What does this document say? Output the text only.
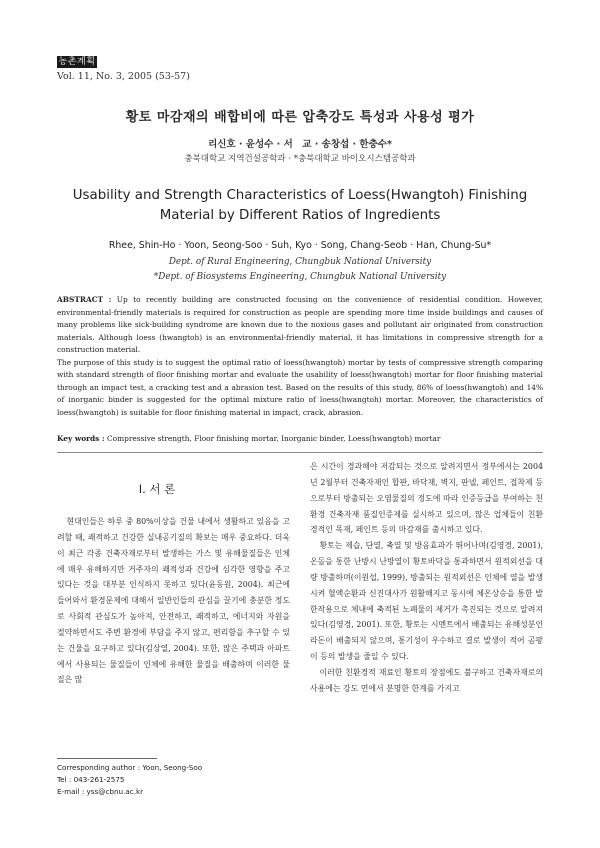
농촌계획
Vol. 11, No. 3, 2005 (53-57)
황토 마감재의 배합비에 따른 압축강도 특성과 사용성 평가
리신호 · 윤성수 · 서　교 · 송창섭 · 한충수*
충북대학교 지역건설공학과 · *충북대학교 바이오시스템공학과
Usability and Strength Characteristics of Loess(Hwangtoh) Finishing Material by Different Ratios of Ingredients
Rhee, Shin-Ho · Yoon, Seong-Soo · Suh, Kyo · Song, Chang-Seob · Han, Chung-Su*
Dept. of Rural Engineering, Chungbuk National University
*Dept. of Biosystems Engineering, Chungbuk National University

ABSTRACT : Up to recently building are constructed focusing on the convenience of residential condition. However, environmental-friendly materials is required for construction as people are spending more time inside buildings and causes of many problems like sick-building syndrome are known due to the noxious gases and pollutant air originated from construction materials. Although loess (hwangtoh) is an environmental-friendly material, it has limitations in compressive strength for a construction material.

The purpose of this study is to suggest the optimal ratio of loess(hwangtoh) mortar by tests of compressive strength comparing with standard strength of floor finishing mortar and evaluate the usability of loess(hwangtoh) mortar for floor finishing material through an impact test, a cracking test and a abrasion test. Based on the results of this study, 86% of loess(hwangtoh) and 14% of inorganic binder is suggested for the optimal mixture ratio of loess(hwangtoh) mortar. Moreover, the characteristics of loess(hwangtoh) is suitable for floor finishing material in impact, crack, abrasion.

Key words : Compressive strength, Floor finishing mortar, Inorganic binder, Loess(hwangtoh) mortar
I. 서 론

현대인들은 하루 중 80%이상을 건물 내에서 생활하고 있음을 고려할 때, 쾌적하고 건강한 실내공기질의 확보는 매우 중요하다. 더욱이 최근 각종 건축자재로부터 발생하는 가스 및 유해물질들은 인체에 매우 유해하지만 거주자의 쾌적성과 건강에 심각한 영향을 주고 있다는 것을 대부분 인식하지 못하고 있다(윤동원, 2004). 최근에 들어와서 환경문제에 대해서 일반인들의 관심을 끌기에 충분한 정도로 사회적 관심도가 높아져, 안전하고, 쾌적하고, 에너지와 자원을 절약하면서도 주변 환경에 부담을 주지 않고, 편리함을 추구할 수 있는 건물을 요구하고 있다(김상열, 2004). 또한, 많은 주택과 아파트에서 사용되는 물질들이 인체에 유해한 물질을 배출하며 이러한 물질은 많

은 시간이 경과해야 저감되는 것으로 알려지면서 정부에서는 2004년 2월부터 건축자재인 합판, 바닥재, 벽지, 판넬, 페인트, 접착제 등으로부터 방출되는 오염물질의 정도에 따라 인증등급을 부여하는 친환경 건축자재 품질인증제를 실시하고 있으며, 많은 업체들이 친환경적인 목재, 페인트 등의 마감재를 출시하고 있다.

황토는 제습, 단열, 축열 및 방음효과가 뛰어나며(김영경, 2001), 온돌을 통한 난방시 난방열이 황토바닥을 통과하면서 원적외선을 대량 방출하며(이원섭, 1999), 방출되는 원적외선은 인체에 열을 발생시켜 혈액순환과 신진대사가 원활해지고 동시에 체온상승을 통한 발한작용으로 체내에 축적된 노폐물의 제거가 촉진되는 것으로 알려져 있다(김영경, 2001). 또한, 황토는 시멘트에서 배출되는 유해성분인 라돈이 배출되지 않으며, 통기성이 우수하고 결로 발생이 적어 곰팡이 등의 발생을 줄일 수 있다.

이러한 친환경적 재료인 황토의 장점에도 불구하고 건축자재로의 사용에는 강도 면에서 분명한 한계를 가지고

Corresponding author : Yoon, Seong-Soo
Tel : 043-261-2575
E-mail : yss@cbnu.ac.kr
